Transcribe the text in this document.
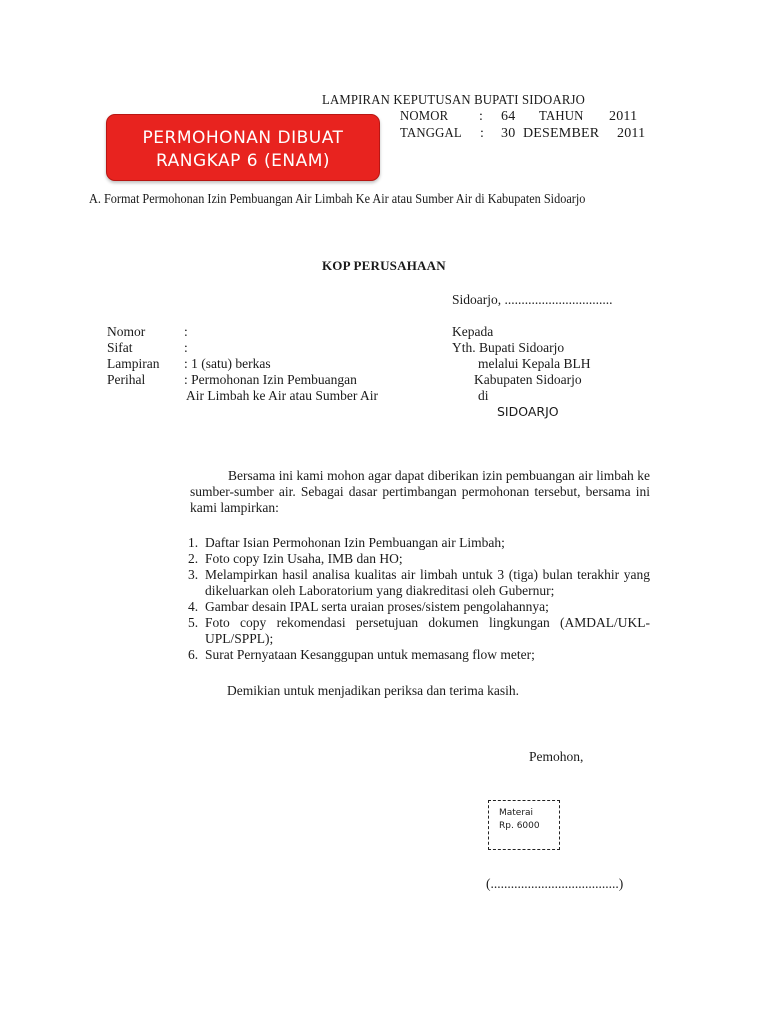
LAMPIRAN KEPUTUSAN BUPATI SIDOARJO
NOMOR : 64 TAHUN 2011
TANGGAL : 30 DESEMBER 2011
PERMOHONAN DIBUAT
RANGKAP 6 (ENAM)
A. Format Permohonan Izin Pembuangan Air Limbah Ke Air atau Sumber Air di Kabupaten Sidoarjo
KOP PERUSAHAAN
Sidoarjo, ................................
Nomor	:
Sifat	:
Lampiran : 1 (satu) berkas
Perihal	: Permohonan Izin Pembuangan
Air Limbah ke Air atau Sumber Air
Kepada
Yth. Bupati Sidoarjo
melalui Kepala BLH
Kabupaten Sidoarjo
di
SIDOARJO
Bersama ini kami mohon agar dapat diberikan izin pembuangan air limbah ke sumber-sumber air. Sebagai dasar pertimbangan permohonan tersebut, bersama ini kami lampirkan:
1. Daftar Isian Permohonan Izin Pembuangan air Limbah;
2. Foto copy Izin Usaha, IMB dan HO;
3. Melampirkan hasil analisa kualitas air limbah untuk 3 (tiga) bulan terakhir yang dikeluarkan oleh Laboratorium yang diakreditasi oleh Gubernur;
4. Gambar desain IPAL serta uraian proses/sistem pengolahannya;
5. Foto copy rekomendasi persetujuan dokumen lingkungan (AMDAL/UKL-UPL/SPPL);
6. Surat Pernyataan Kesanggupan untuk memasang flow meter;
Demikian untuk menjadikan periksa dan terima kasih.
Pemohon,
Materai
Rp. 6000
(......................................)
